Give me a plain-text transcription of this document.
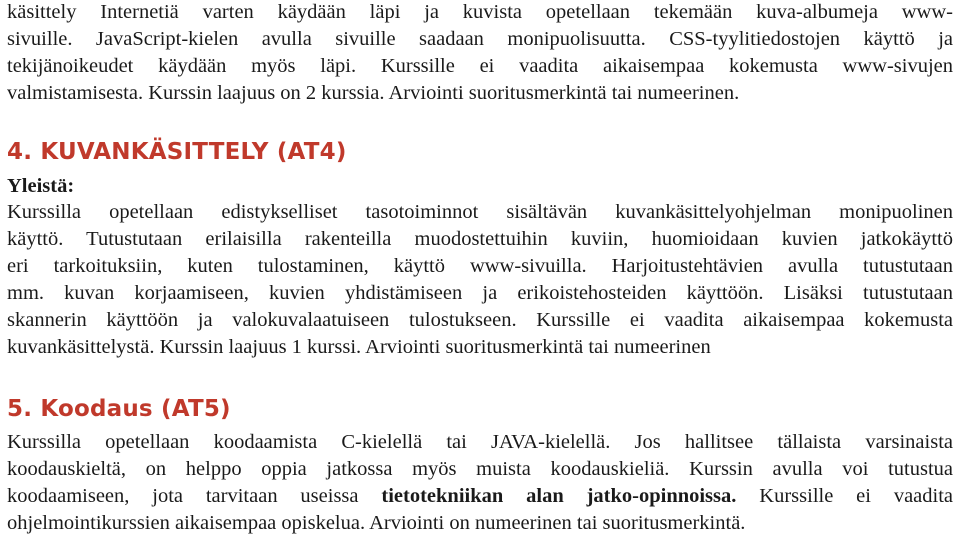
käsittely Internetiä varten käydään läpi ja kuvista opetellaan tekemään kuva-albumeja www-
sivuille. JavaScript-kielen avulla sivuille saadaan monipuolisuutta. CSS-tyylitiedostojen käyttö ja
tekijänoikeudet käydään myös läpi. Kurssille ei vaadita aikaisempaa kokemusta www-sivujen
valmistamisesta. Kurssin laajuus on 2 kurssia. Arviointi suoritusmerkintä tai numeerinen.
4. KUVANKÄSITTELY (AT4)
Yleistä:
Kurssilla opetellaan edistykselliset tasotoiminnot sisältävän kuvankäsittelyohjelman monipuolinen
käyttö. Tutustutaan erilaisilla rakenteilla muodostettuihin kuviin, huomioidaan kuvien jatkokäyttö
eri tarkoituksiin, kuten tulostaminen, käyttö www-sivuilla. Harjoitustehtävien avulla tutustutaan
mm. kuvan korjaamiseen, kuvien yhdistämiseen ja erikoistehosteiden käyttöön. Lisäksi tutustutaan
skannerin käyttöön ja valokuvalaatuiseen tulostukseen. Kurssille ei vaadita aikaisempaa kokemusta
kuvankäsittelystä. Kurssin laajuus 1 kurssi. Arviointi suoritusmerkintä tai numeerinen
5. Koodaus (AT5)
Kurssilla opetellaan koodaamista C-kielellä tai JAVA-kielellä. Jos hallitsee tällaista varsinaista
koodauskieltä, on helppo oppia jatkossa myös muista koodauskieliä. Kurssin avulla voi tutustua
koodaamiseen, jota tarvitaan useissa tietotekniikan alan jatko-opinnoissa. Kurssille ei vaadita
ohjelmointikurssien aikaisempaa opiskelua. Arviointi on numeerinen tai suoritusmerkintä.
